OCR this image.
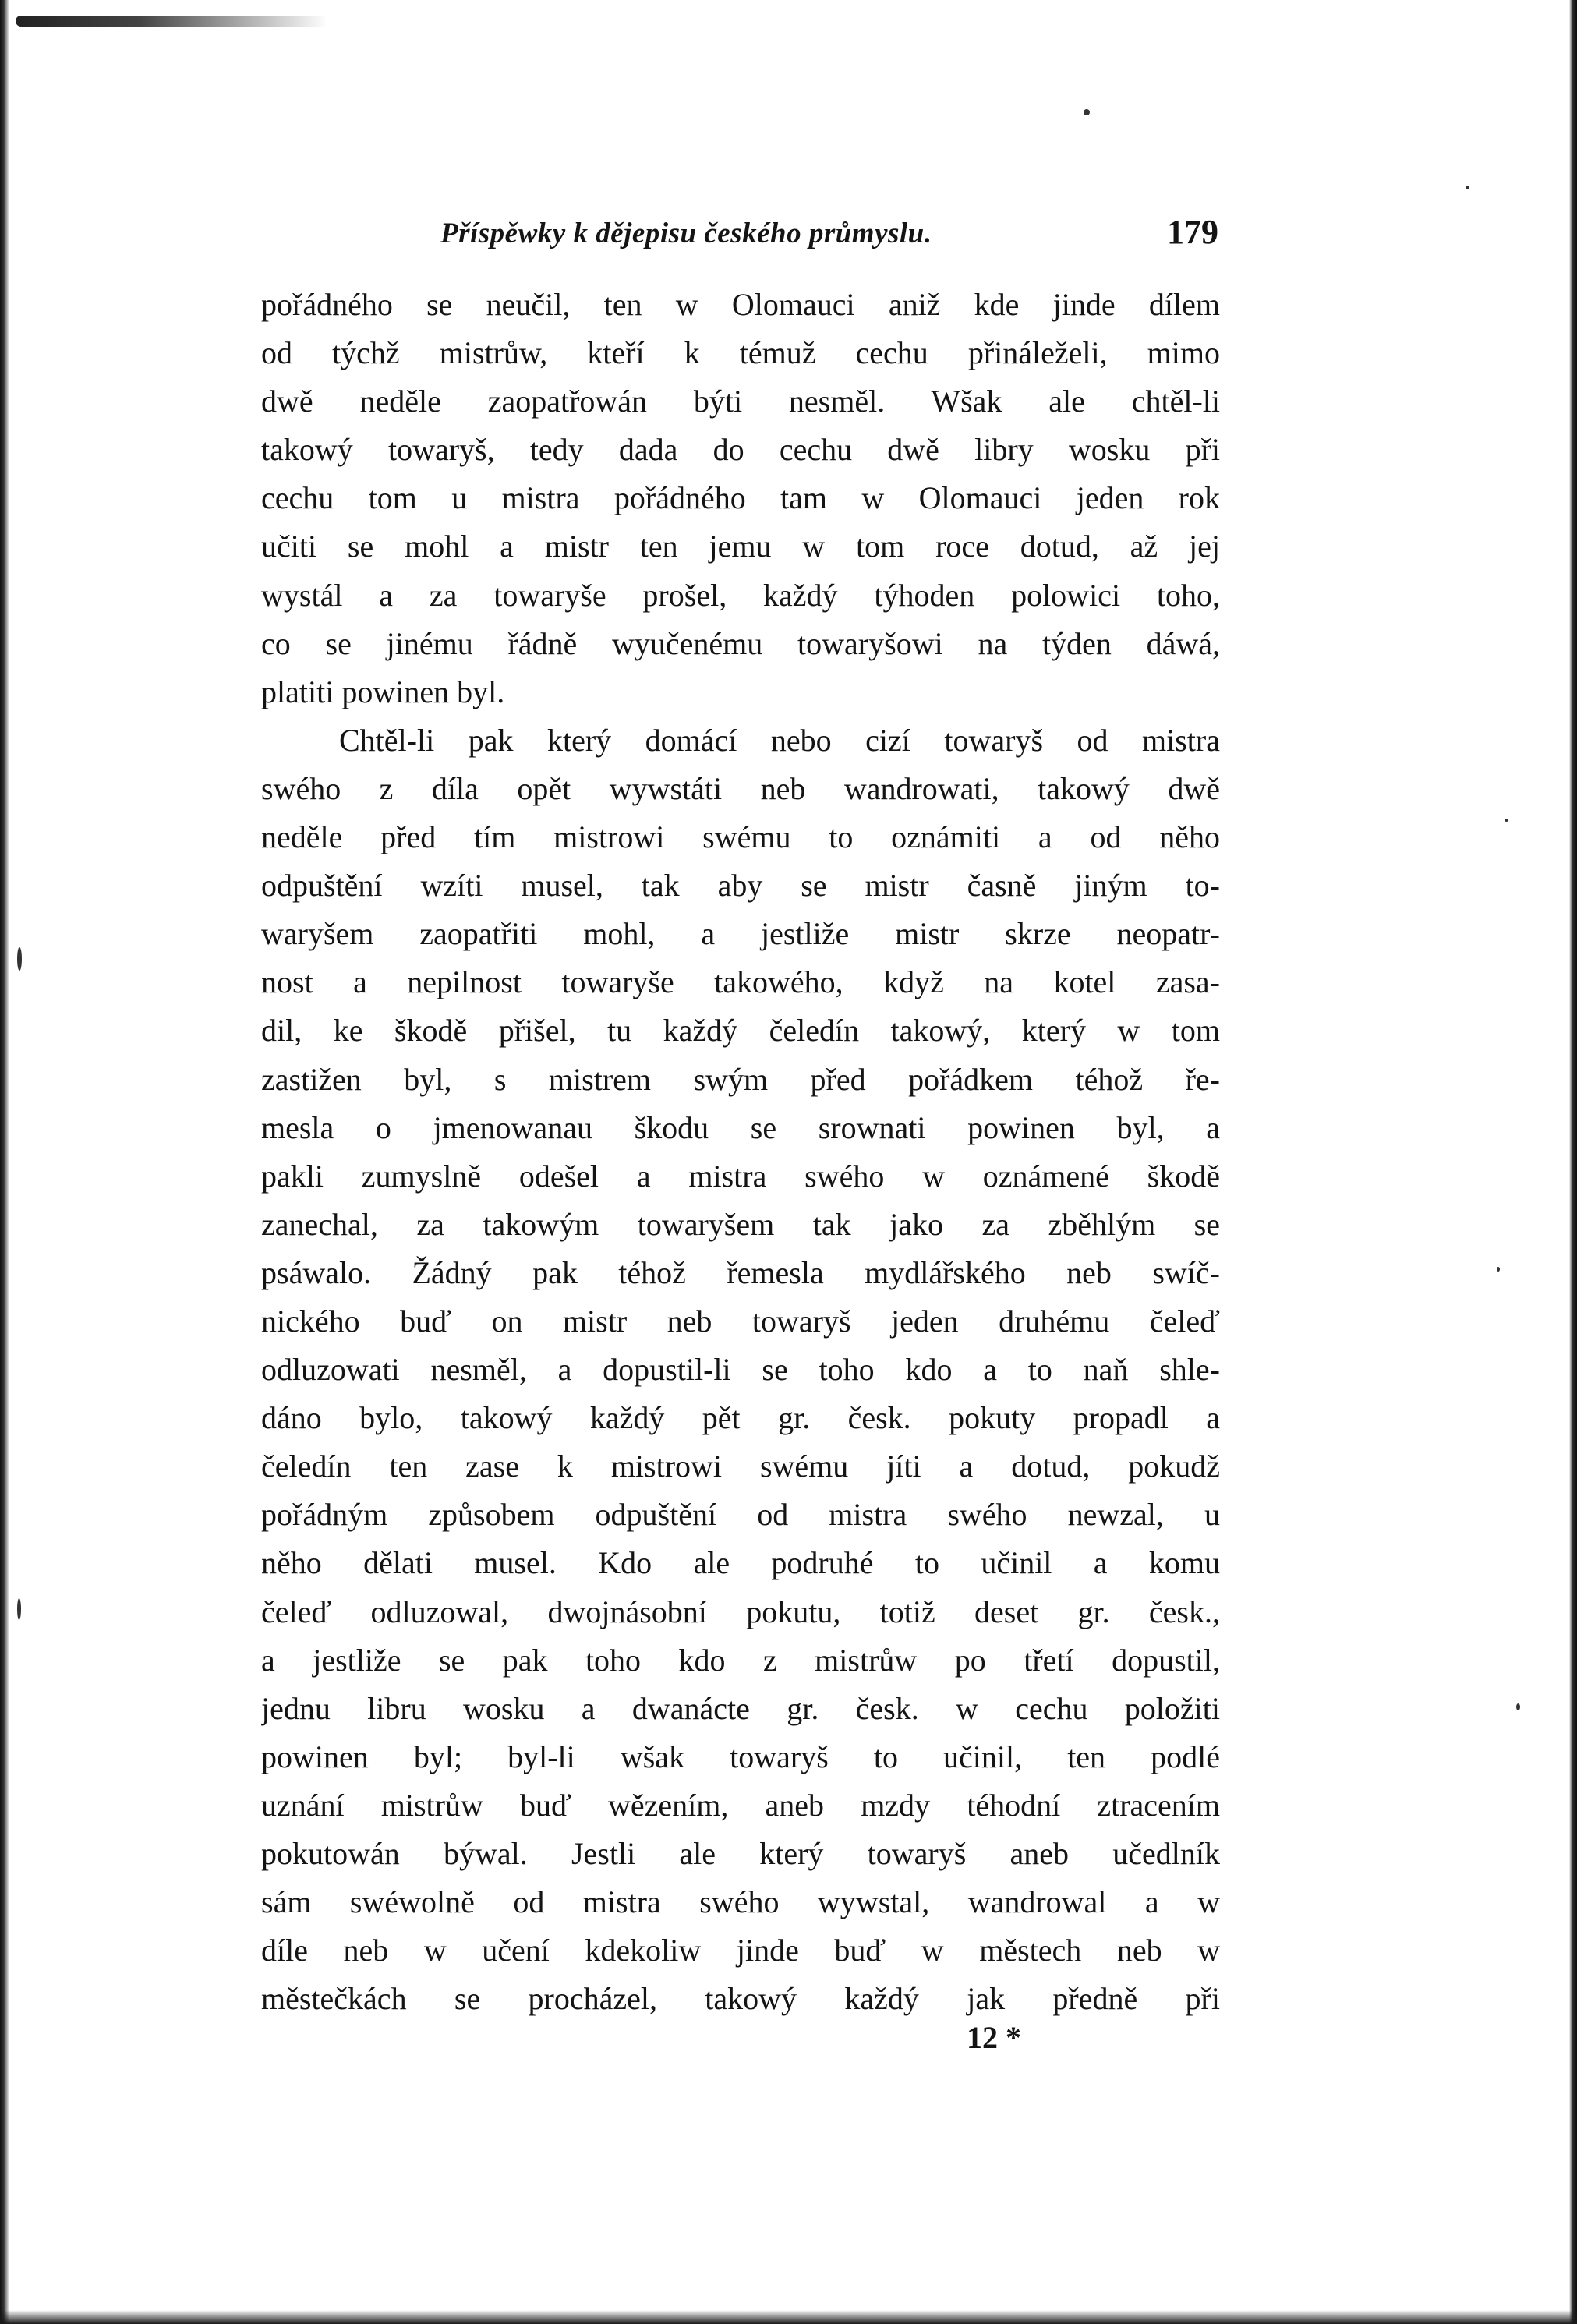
Příspěwky k dějepisu českého průmyslu.	179
pořádného se neučil, ten w Olomauci aniž kde jinde dílem
od týchž mistrůw, kteří k témuž cechu přináleželi, mimo
dwě neděle zaopatřowán býti nesměl. Wšak ale chtěl-li
takowý towaryš, tedy dada do cechu dwě libry wosku při
cechu tom u mistra pořádného tam w Olomauci jeden rok
učiti se mohl a mistr ten jemu w tom roce dotud, až jej
wystál a za towaryše prošel, každý týhoden polowici toho,
co se jinému řádně wyučenému towaryšowi na týden dáwá,
platiti powinen byl.
Chtěl-li pak který domácí nebo cizí towaryš od mistra
swého z díla opět wywstáti neb wandrowati, takowý dwě
neděle před tím mistrowi swému to oznámiti a od něho
odpuštění wzíti musel, tak aby se mistr časně jiným to-
waryšem zaopatřiti mohl, a jestliže mistr skrze neopatr-
nost a nepilnost towaryše takowého, když na kotel zasa-
dil, ke škodě přišel, tu každý čeledín takowý, který w tom
zastižen byl, s mistrem swým před pořádkem téhož ře-
mesla o jmenowanau škodu se srownati powinen byl, a
pakli zumyslně odešel a mistra swého w oznámené škodě
zanechal, za takowým towaryšem tak jako za zběhlým se
psáwalo. Žádný pak téhož řemesla mydlářského neb swíč-
nického buď on mistr neb towaryš jeden druhému čeleď
odluzowati nesměl, a dopustil-li se toho kdo a to naň shle-
dáno bylo, takowý každý pět gr. česk. pokuty propadl a
čeledín ten zase k mistrowi swému jíti a dotud, pokudž
pořádným způsobem odpuštění od mistra swého newzal, u
něho dělati musel. Kdo ale podruhé to učinil a komu
čeleď odluzowal, dwojnásobní pokutu, totiž deset gr. česk.,
a jestliže se pak toho kdo z mistrůw po třetí dopustil,
jednu libru wosku a dwanácte gr. česk. w cechu položiti
powinen byl; byl-li wšak towaryš to učinil, ten podlé
uznání mistrůw buď wězením, aneb mzdy téhodní ztracením
pokutowán býwal. Jestli ale který towaryš aneb učedlník
sám swéwolně od mistra swého wywstal, wandrowal a w
díle neb w učení kdekoliw jinde buď w městech neb w
městečkách se procházel, takowý každý jak předně při
12 *
